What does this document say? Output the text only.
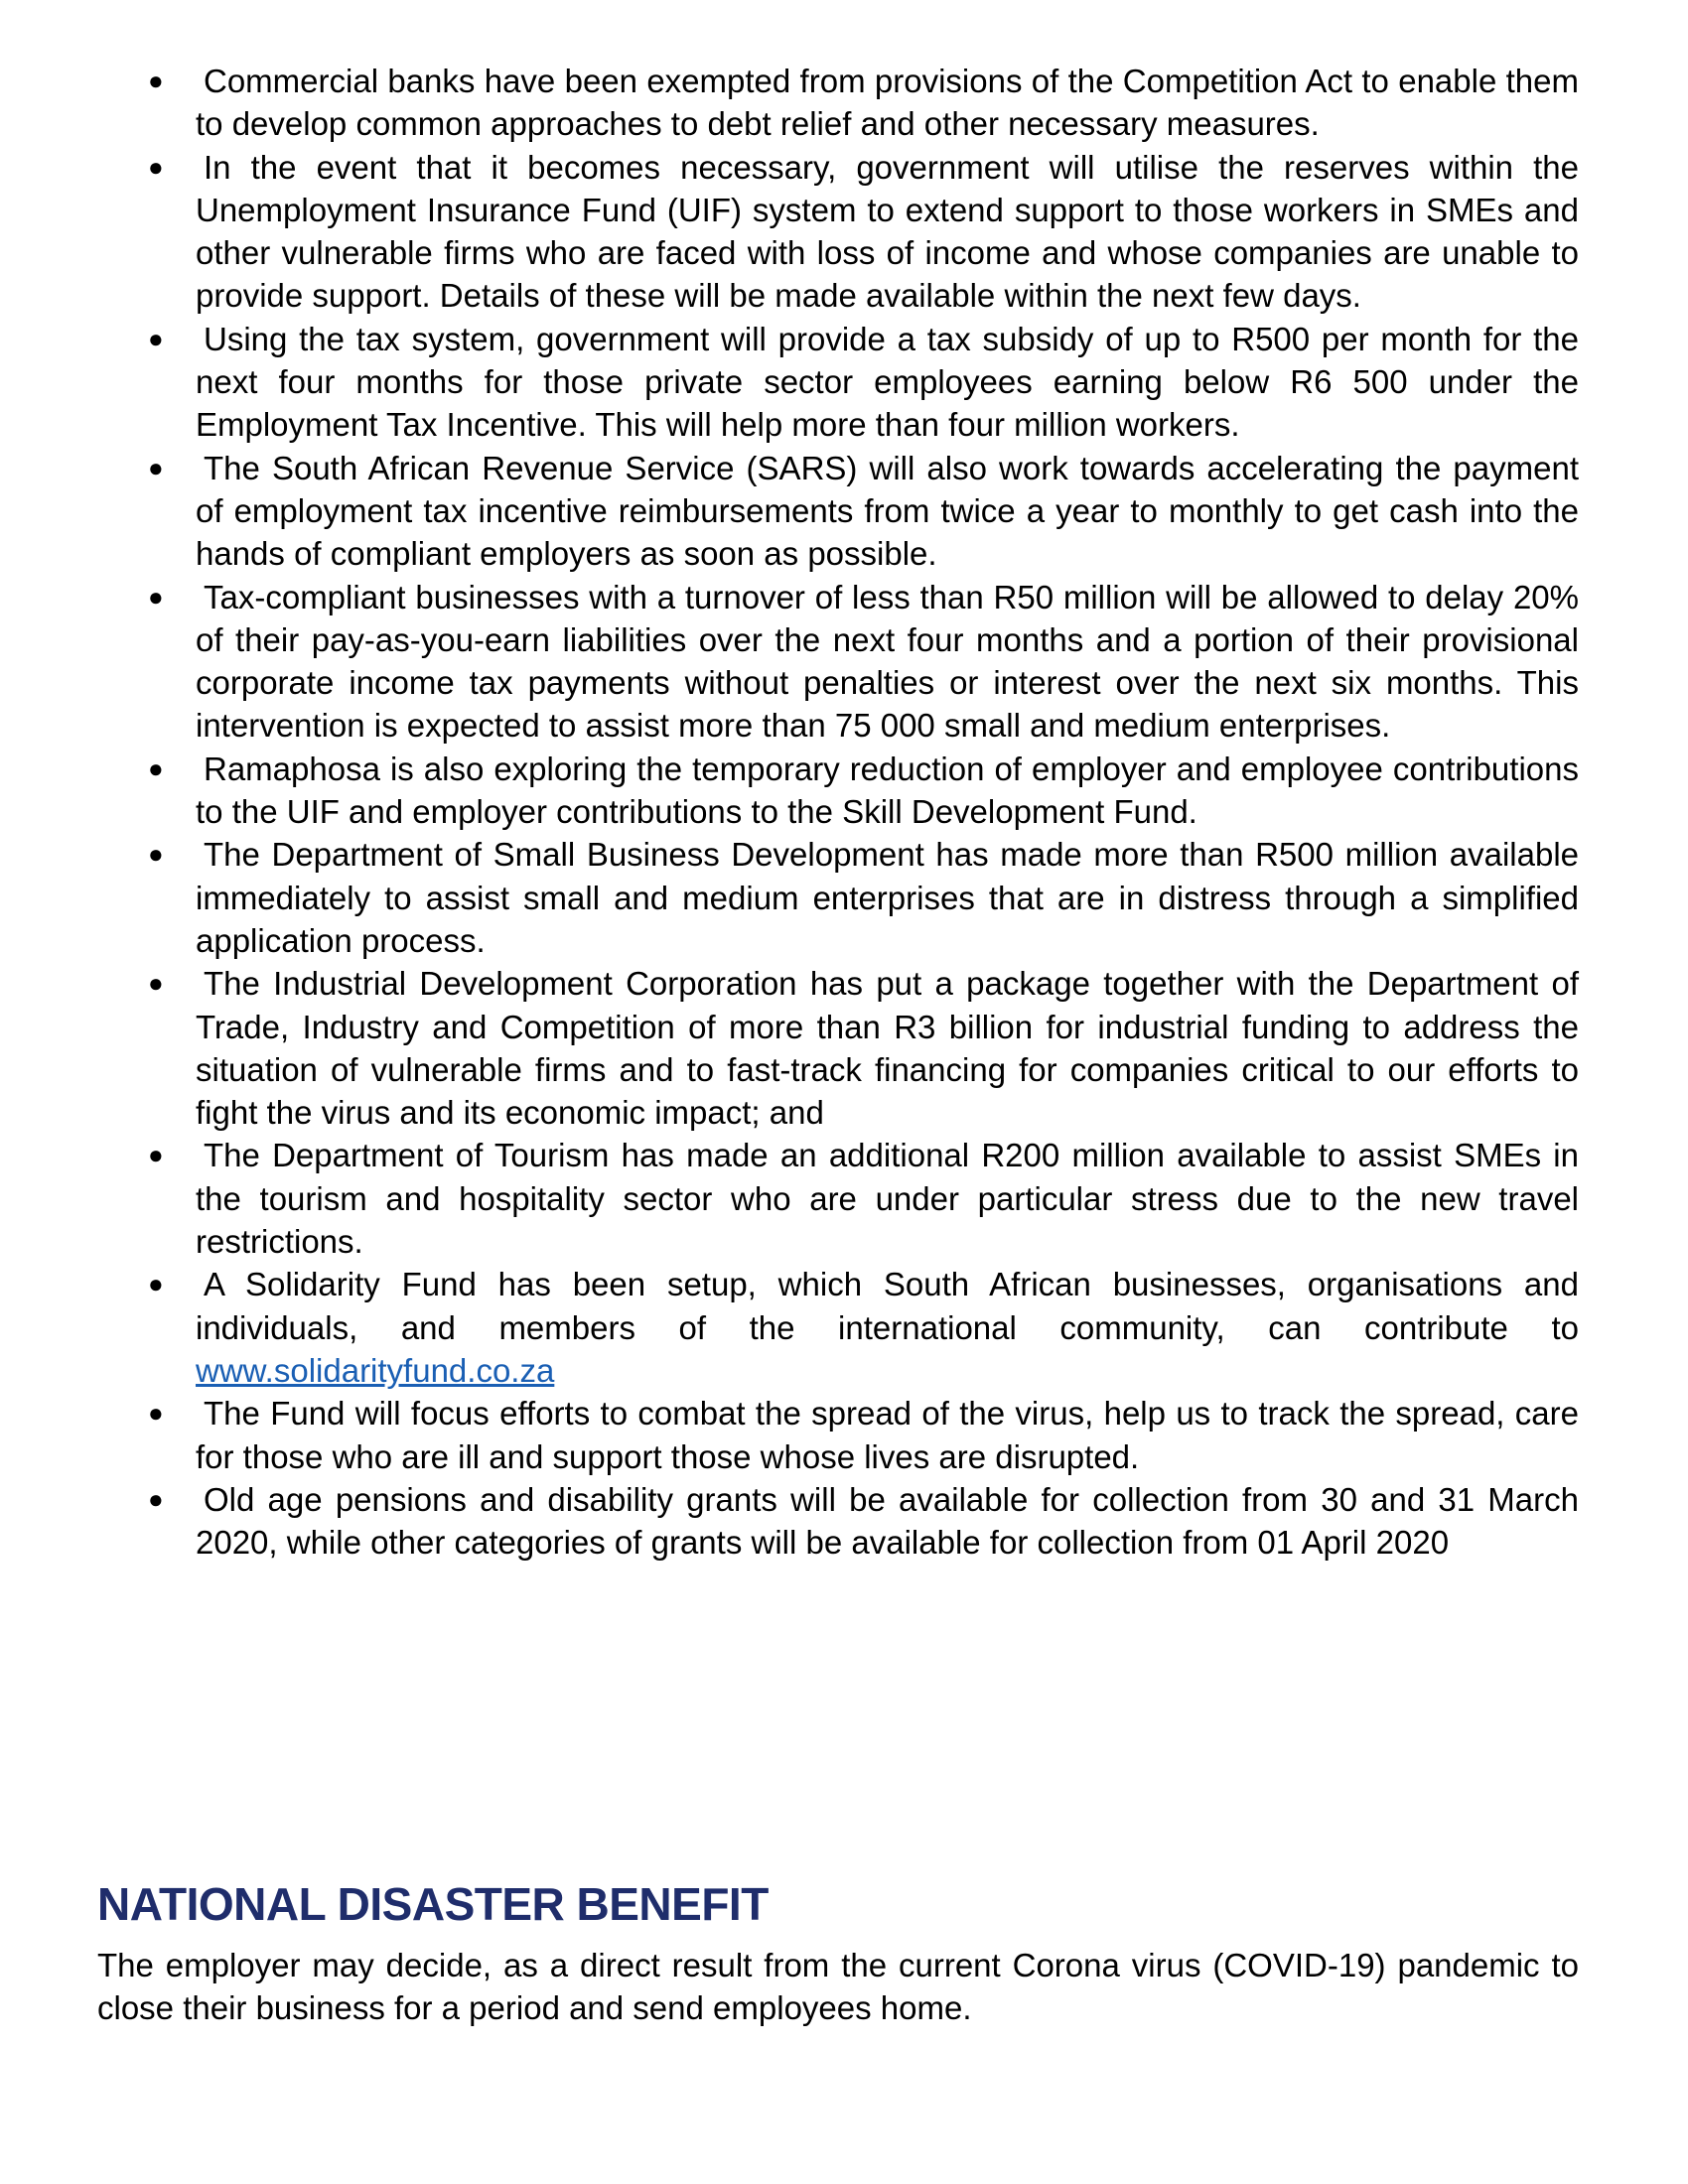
● Commercial banks have been exempted from provisions of the Competition Act to enable them to develop common approaches to debt relief and other necessary measures.
● In the event that it becomes necessary, government will utilise the reserves within the Unemployment Insurance Fund (UIF) system to extend support to those workers in SMEs and other vulnerable firms who are faced with loss of income and whose companies are unable to provide support. Details of these will be made available within the next few days.
● Using the tax system, government will provide a tax subsidy of up to R500 per month for the next four months for those private sector employees earning below R6 500 under the Employment Tax Incentive. This will help more than four million workers.
● The South African Revenue Service (SARS) will also work towards accelerating the payment of employment tax incentive reimbursements from twice a year to monthly to get cash into the hands of compliant employers as soon as possible.
● Tax-compliant businesses with a turnover of less than R50 million will be allowed to delay 20% of their pay-as-you-earn liabilities over the next four months and a portion of their provisional corporate income tax payments without penalties or interest over the next six months. This intervention is expected to assist more than 75 000 small and medium enterprises.
● Ramaphosa is also exploring the temporary reduction of employer and employee contributions to the UIF and employer contributions to the Skill Development Fund.
● The Department of Small Business Development has made more than R500 million available immediately to assist small and medium enterprises that are in distress through a simplified application process.
● The Industrial Development Corporation has put a package together with the Department of Trade, Industry and Competition of more than R3 billion for industrial funding to address the situation of vulnerable firms and to fast-track financing for companies critical to our efforts to fight the virus and its economic impact; and
● The Department of Tourism has made an additional R200 million available to assist SMEs in the tourism and hospitality sector who are under particular stress due to the new travel restrictions.
● A Solidarity Fund has been setup, which South African businesses, organisations and individuals, and members of the international community, can contribute to www.solidarityfund.co.za
● The Fund will focus efforts to combat the spread of the virus, help us to track the spread, care for those who are ill and support those whose lives are disrupted.
● Old age pensions and disability grants will be available for collection from 30 and 31 March 2020, while other categories of grants will be available for collection from 01 April 2020
NATIONAL DISASTER BENEFIT

The employer may decide, as a direct result from the current Corona virus (COVID-19) pandemic to close their business for a period and send employees home.
